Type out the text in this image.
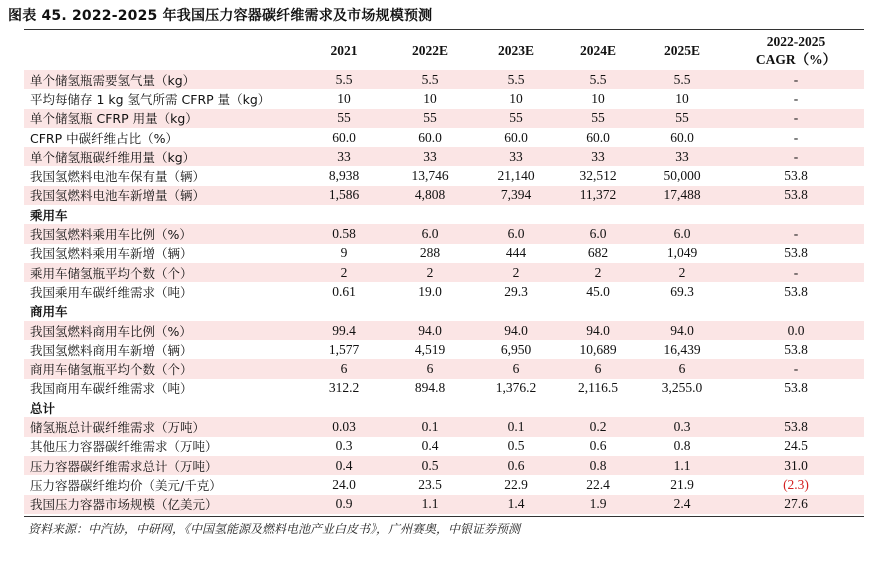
图表 45. 2022-2025 年我国压力容器碳纤维需求及市场规模预测
	2021	2022E	2023E	2024E	2025E	2022-2025
CAGR（%）
单个储氢瓶需要氢气量（kg）	5.5	5.5	5.5	5.5	5.5	-
平均每储存 1 kg 氢气所需 CFRP 量（kg）	10	10	10	10	10	-
单个储氢瓶 CFRP 用量（kg）	55	55	55	55	55	-
CFRP 中碳纤维占比（%）	60.0	60.0	60.0	60.0	60.0	-
单个储氢瓶碳纤维用量（kg）	33	33	33	33	33	-
我国氢燃料电池车保有量（辆）	8,938	13,746	21,140	32,512	50,000	53.8
我国氢燃料电池车新增量（辆）	1,586	4,808	7,394	11,372	17,488	53.8
乘用车						
我国氢燃料乘用车比例（%）	0.58	6.0	6.0	6.0	6.0	-
我国氢燃料乘用车新增（辆）	9	288	444	682	1,049	53.8
乘用车储氢瓶平均个数（个）	2	2	2	2	2	-
我国乘用车碳纤维需求（吨）	0.61	19.0	29.3	45.0	69.3	53.8
商用车						
我国氢燃料商用车比例（%）	99.4	94.0	94.0	94.0	94.0	0.0
我国氢燃料商用车新增（辆）	1,577	4,519	6,950	10,689	16,439	53.8
商用车储氢瓶平均个数（个）	6	6	6	6	6	-
我国商用车碳纤维需求（吨）	312.2	894.8	1,376.2	2,116.5	3,255.0	53.8
总计						
储氢瓶总计碳纤维需求（万吨）	0.03	0.1	0.1	0.2	0.3	53.8
其他压力容器碳纤维需求（万吨）	0.3	0.4	0.5	0.6	0.8	24.5
压力容器碳纤维需求总计（万吨）	0.4	0.5	0.6	0.8	1.1	31.0
压力容器碳纤维均价（美元/千克）	24.0	23.5	22.9	22.4	21.9	(2.3)
我国压力容器市场规模（亿美元）	0.9	1.1	1.4	1.9	2.4	27.6
资料来源：中汽协，中研网，《中国氢能源及燃料电池产业白皮书》，广州赛奥，中银证券预测
